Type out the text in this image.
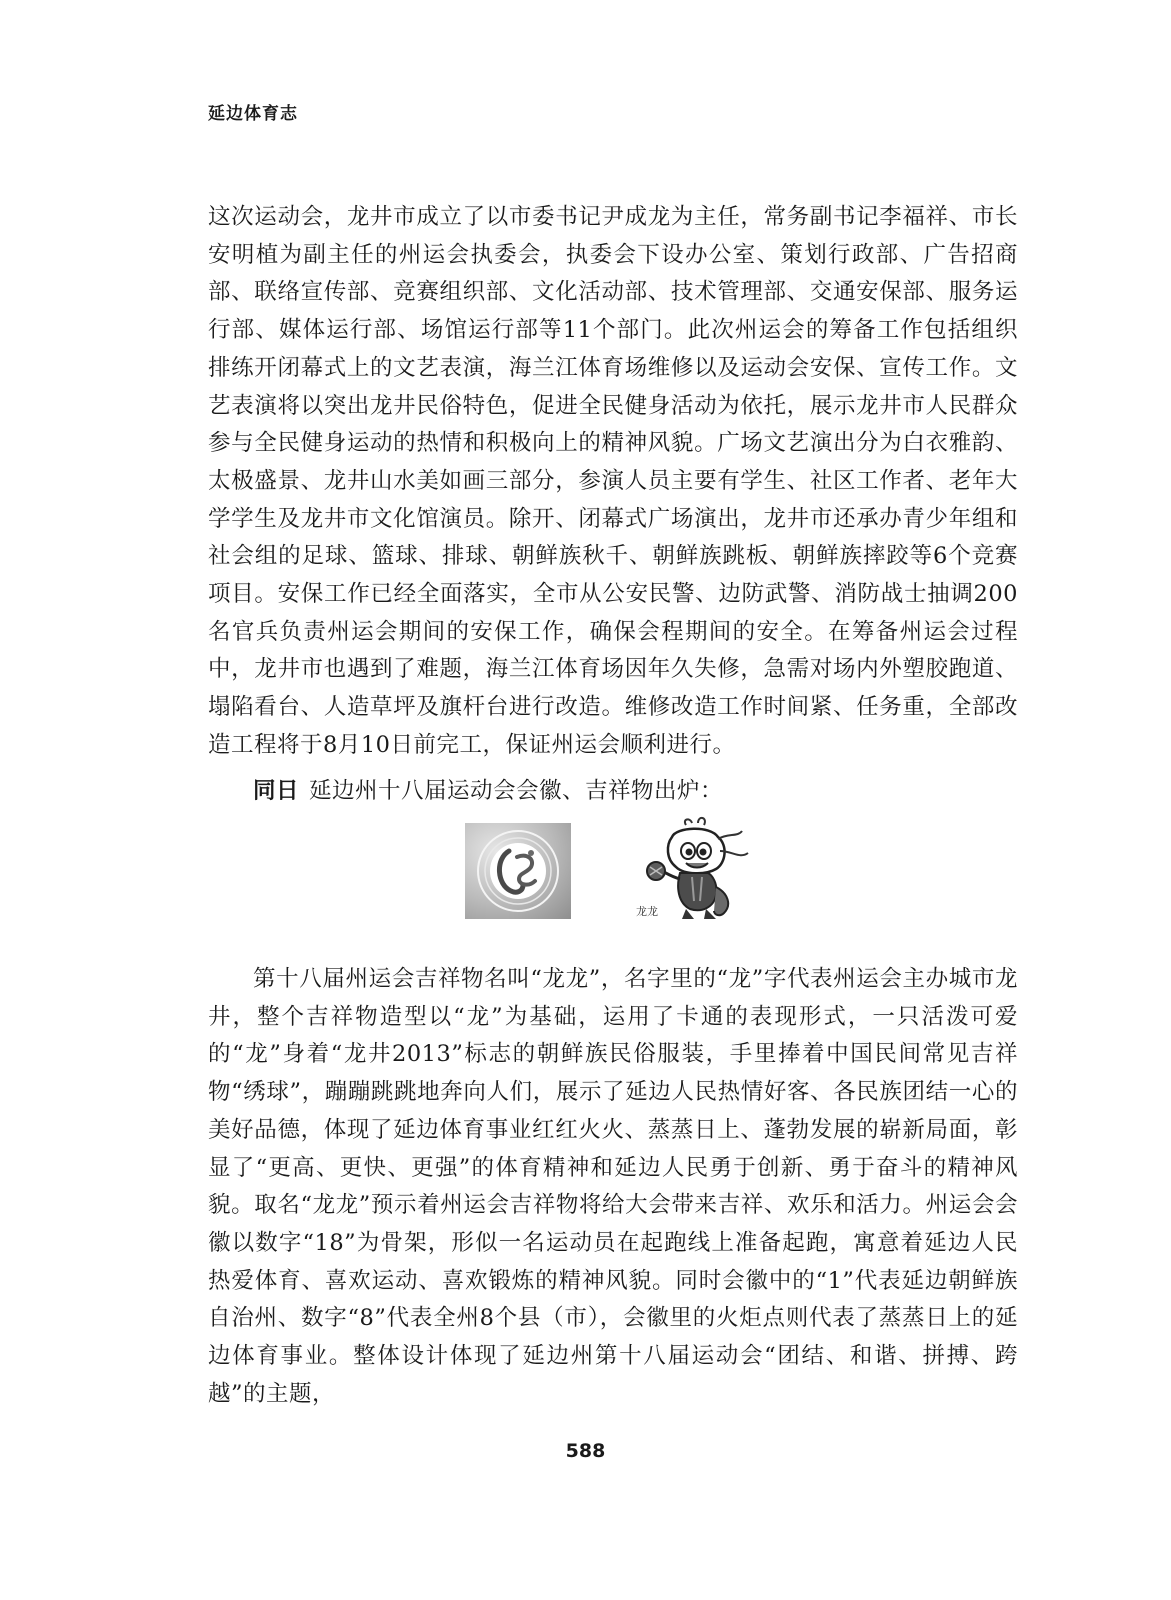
延边体育志

这次运动会，龙井市成立了以市委书记尹成龙为主任，常务副书记李福祥、市长安明植为副主任的州运会执委会，执委会下设办公室、策划行政部、广告招商部、联络宣传部、竞赛组织部、文化活动部、技术管理部、交通安保部、服务运行部、媒体运行部、场馆运行部等11个部门。此次州运会的筹备工作包括组织排练开闭幕式上的文艺表演，海兰江体育场维修以及运动会安保、宣传工作。文艺表演将以突出龙井民俗特色，促进全民健身活动为依托，展示龙井市人民群众参与全民健身运动的热情和积极向上的精神风貌。广场文艺演出分为白衣雅韵、太极盛景、龙井山水美如画三部分，参演人员主要有学生、社区工作者、老年大学学生及龙井市文化馆演员。除开、闭幕式广场演出，龙井市还承办青少年组和社会组的足球、篮球、排球、朝鲜族秋千、朝鲜族跳板、朝鲜族摔跤等6个竞赛项目。安保工作已经全面落实，全市从公安民警、边防武警、消防战士抽调200名官兵负责州运会期间的安保工作，确保会程期间的安全。在筹备州运会过程中，龙井市也遇到了难题，海兰江体育场因年久失修，急需对场内外塑胶跑道、塌陷看台、人造草坪及旗杆台进行改造。维修改造工作时间紧、任务重，全部改造工程将于8月10日前完工，保证州运会顺利进行。

同日 延边州十八届运动会会徽、吉祥物出炉：

龙龙

第十八届州运会吉祥物名叫“龙龙”，名字里的“龙”字代表州运会主办城市龙井，整个吉祥物造型以“龙”为基础，运用了卡通的表现形式，一只活泼可爱的“龙”身着“龙井2013”标志的朝鲜族民俗服装，手里捧着中国民间常见吉祥物“绣球”，蹦蹦跳跳地奔向人们，展示了延边人民热情好客、各民族团结一心的美好品德，体现了延边体育事业红红火火、蒸蒸日上、蓬勃发展的崭新局面，彰显了“更高、更快、更强”的体育精神和延边人民勇于创新、勇于奋斗的精神风貌。取名“龙龙”预示着州运会吉祥物将给大会带来吉祥、欢乐和活力。州运会会徽以数字“18”为骨架，形似一名运动员在起跑线上准备起跑，寓意着延边人民热爱体育、喜欢运动、喜欢锻炼的精神风貌。同时会徽中的“1”代表延边朝鲜族自治州、数字“8”代表全州8个县（市），会徽里的火炬点则代表了蒸蒸日上的延边体育事业。整体设计体现了延边州第十八届运动会“团结、和谐、拼搏、跨越”的主题，

588
